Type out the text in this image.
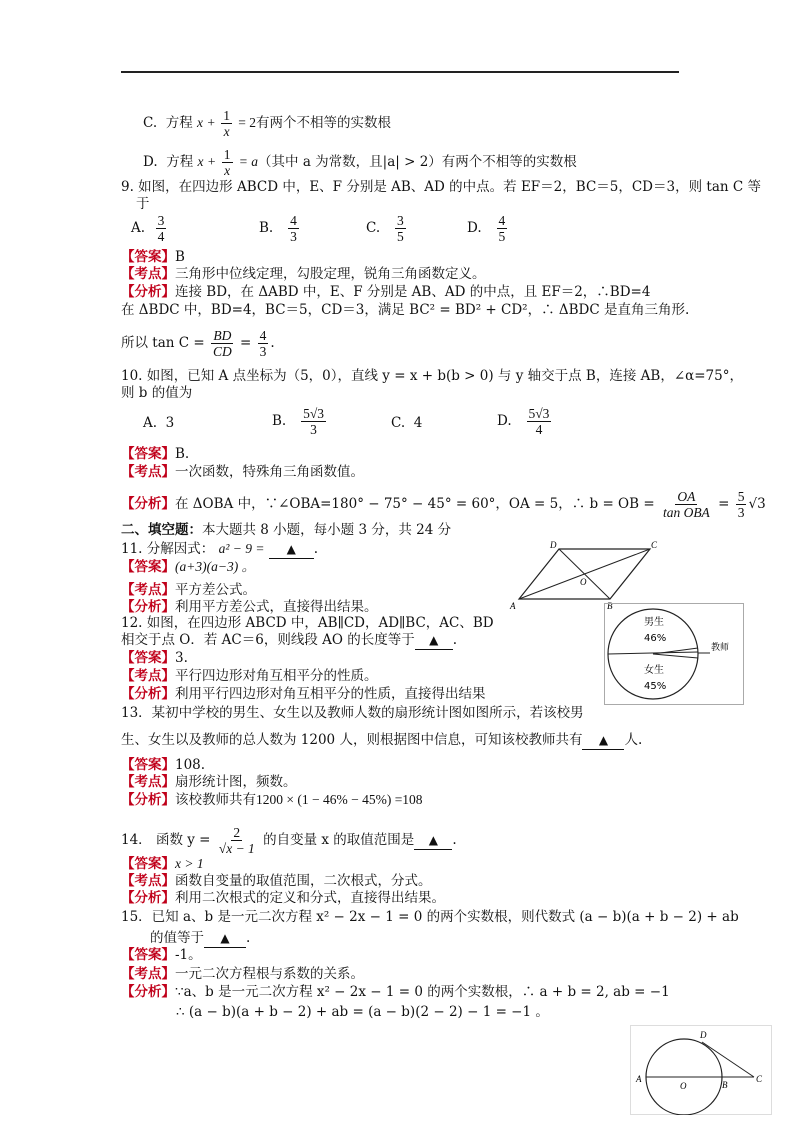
C. 方程 $x + \frac{1}{x} = 2$有两个不相等的实数根
D. 方程 $x + \frac{1}{x} = a$（其中 a 为常数，且|a| > 2）有两个不相等的实数根
9. 如图，在四边形 ABCD 中，E、F 分别是 AB、AD 的中点。若 EF＝2，BC＝5，CD＝3，则 tan C 等
于
A. $\frac{3}{4}$	B. $\frac{4}{3}$	C. $\frac{3}{5}$	D. $\frac{4}{5}$
【答案】B
【考点】三角形中位线定理，勾股定理，锐角三角函数定义。
【分析】连接 BD，在 ΔABD 中，E、F 分别是 AB、AD 的中点，且 EF＝2，∴BD=4
在 ΔBDC 中，BD=4，BC＝5，CD＝3，满足 BC² = BD² + CD²，∴ ΔBDC 是直角三角形.
所以 $\tan C = \frac{BD}{CD} = \frac{4}{3}$ .
10. 如图，已知 A 点坐标为（5，0），直线 y = x + b(b > 0) 与 y 轴交于点 B，连接 AB，∠α=75°，
则 b 的值为
A. 3	B. $\frac{5√3}{3}$	C. 4	D. $\frac{5√3}{4}$
【答案】B.
【考点】一次函数，特殊角三角函数值。
【分析】在 ΔOBA 中，∵∠OBA=180° − 75° − 45° = 60°，OA = 5，∴ b = OB = $\frac{OA}{\text{tan OBA}} = \frac{5}{3} √3$
二、填空题：本大题共 8 小题，每小题 3 分，共 24 分
11. 分解因式： a² − 9 = ▲ .
【答案】(a+3)(a−3) 。
【考点】平方差公式。
【分析】利用平方差公式，直接得出结果。
12. 如图，在四边形 ABCD 中，AB∥CD，AD∥BC，AC、BD
相交于点 O．若 AC＝6，则线段 AO 的长度等于 ▲ .
【答案】3.
【考点】平行四边形对角互相平分的性质。
【分析】利用平行四边形对角互相平分的性质，直接得出结果
13．某初中学校的男生、女生以及教师人数的扇形统计图如图所示，若该校男
生、女生以及教师的总人数为 1200 人，则根据图中信息，可知该校教师共有 ▲ 人.
【答案】108.
【考点】扇形统计图，频数。
【分析】该校教师共有1200 × (1 − 46% − 45%) =108
14． 函数 $y = \frac{2}{√x - 1}$ 的自变量 x 的取值范围是 ▲ .
【答案】x > 1
【考点】函数自变量的取值范围，二次根式，分式。
【分析】利用二次根式的定义和分式，直接得出结果。
15．已知 a、b 是一元二次方程 x² − 2x − 1 = 0 的两个实数根，则代数式 (a − b)(a + b − 2) + ab
的值等于 ▲ .
【答案】-1。
【考点】一元二次方程根与系数的关系。
【分析】∵a、b 是一元二次方程 x² − 2x − 1 = 0 的两个实数根，∴ a + b = 2, ab = −1
∴ (a − b)(a + b − 2) + ab = (a − b)(2 − 2) − 1 = −1 。
A	B
C
D
O
男生
46%
女生
45%
教师
A
O	B
C
D
